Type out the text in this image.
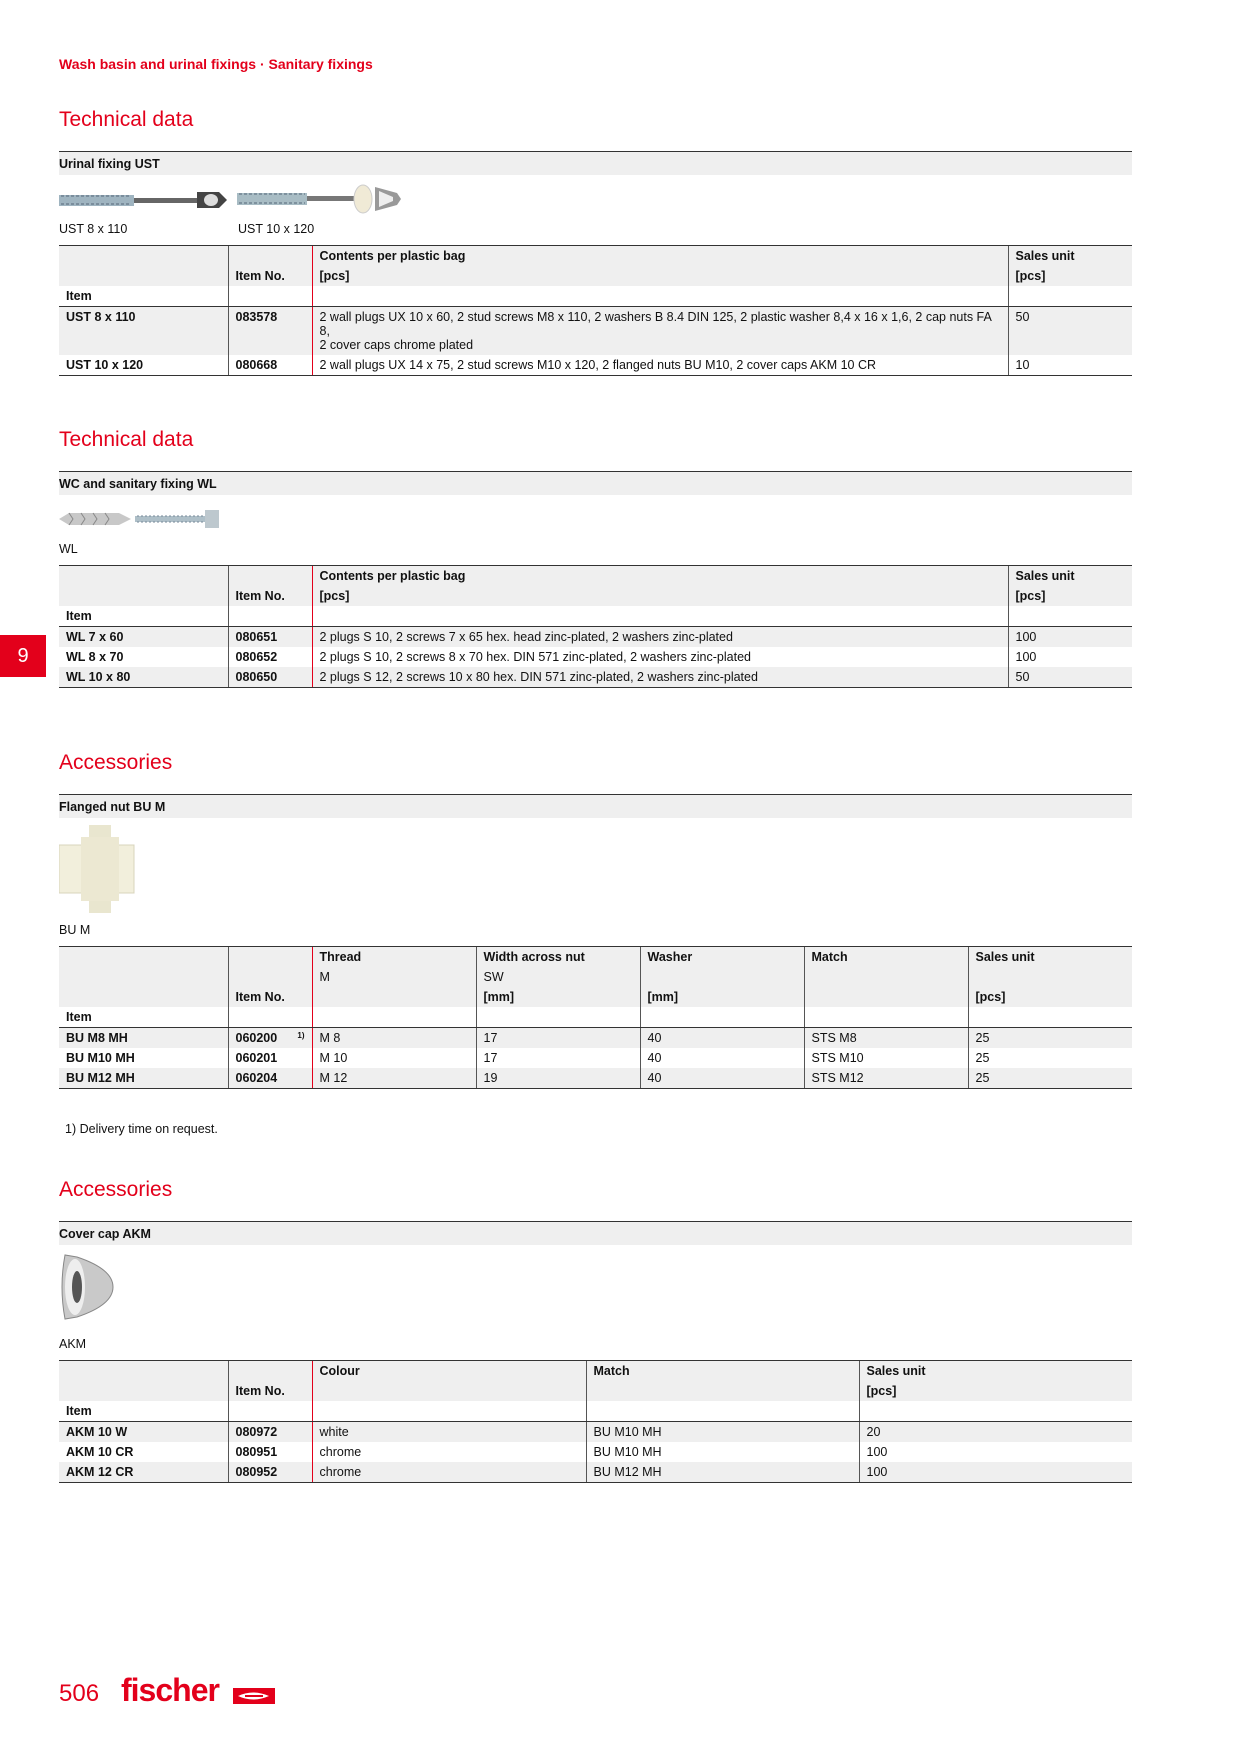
Wash basin and urinal fixings · Sanitary fixings
9
Technical data
Urinal fixing UST
UST 8 x 110	UST 10 x 120
		Contents per plastic bag	Sales unit
	Item No.	[pcs]	[pcs]
Item			
UST 8 x 110	083578	2 wall plugs UX 10 x 60, 2 stud screws M8 x 110, 2 washers B 8.4 DIN 125, 2 plastic washer 8,4 x 16 x 1,6, 2 cap nuts FA 8,
2 cover caps chrome plated	50
UST 10 x 120	080668	2 wall plugs UX 14 x 75, 2 stud screws M10 x 120, 2 flanged nuts BU M10, 2 cover caps AKM 10 CR	10
Technical data
WC and sanitary fixing WL
WL
		Contents per plastic bag	Sales unit
	Item No.	[pcs]	[pcs]
Item			
WL 7 x 60	080651	2 plugs S 10, 2 screws 7 x 65 hex. head zinc-plated, 2 washers zinc-plated	100
WL 8 x 70	080652	2 plugs S 10, 2 screws 8 x 70 hex. DIN 571 zinc-plated, 2 washers zinc-plated	100
WL 10 x 80	080650	2 plugs S 12, 2 screws 10 x 80 hex. DIN 571 zinc-plated, 2 washers zinc-plated	50
Accessories
Flanged nut BU M
BU M
		Thread	Width across nut	Washer	Match	Sales unit
		M	SW			
	Item No.		[mm]	[mm]		[pcs]
Item						
BU M8 MH	060200 1)	M 8	17	40	STS M8	25
BU M10 MH	060201	M 10	17	40	STS M10	25
BU M12 MH	060204	M 12	19	40	STS M12	25
1) Delivery time on request.
Accessories
Cover cap AKM
AKM
		Colour	Match	Sales unit
	Item No.			[pcs]
Item				
AKM 10 W	080972	white	BU M10 MH	20
AKM 10 CR	080951	chrome	BU M10 MH	100
AKM 12 CR	080952	chrome	BU M12 MH	100
506 fischer
